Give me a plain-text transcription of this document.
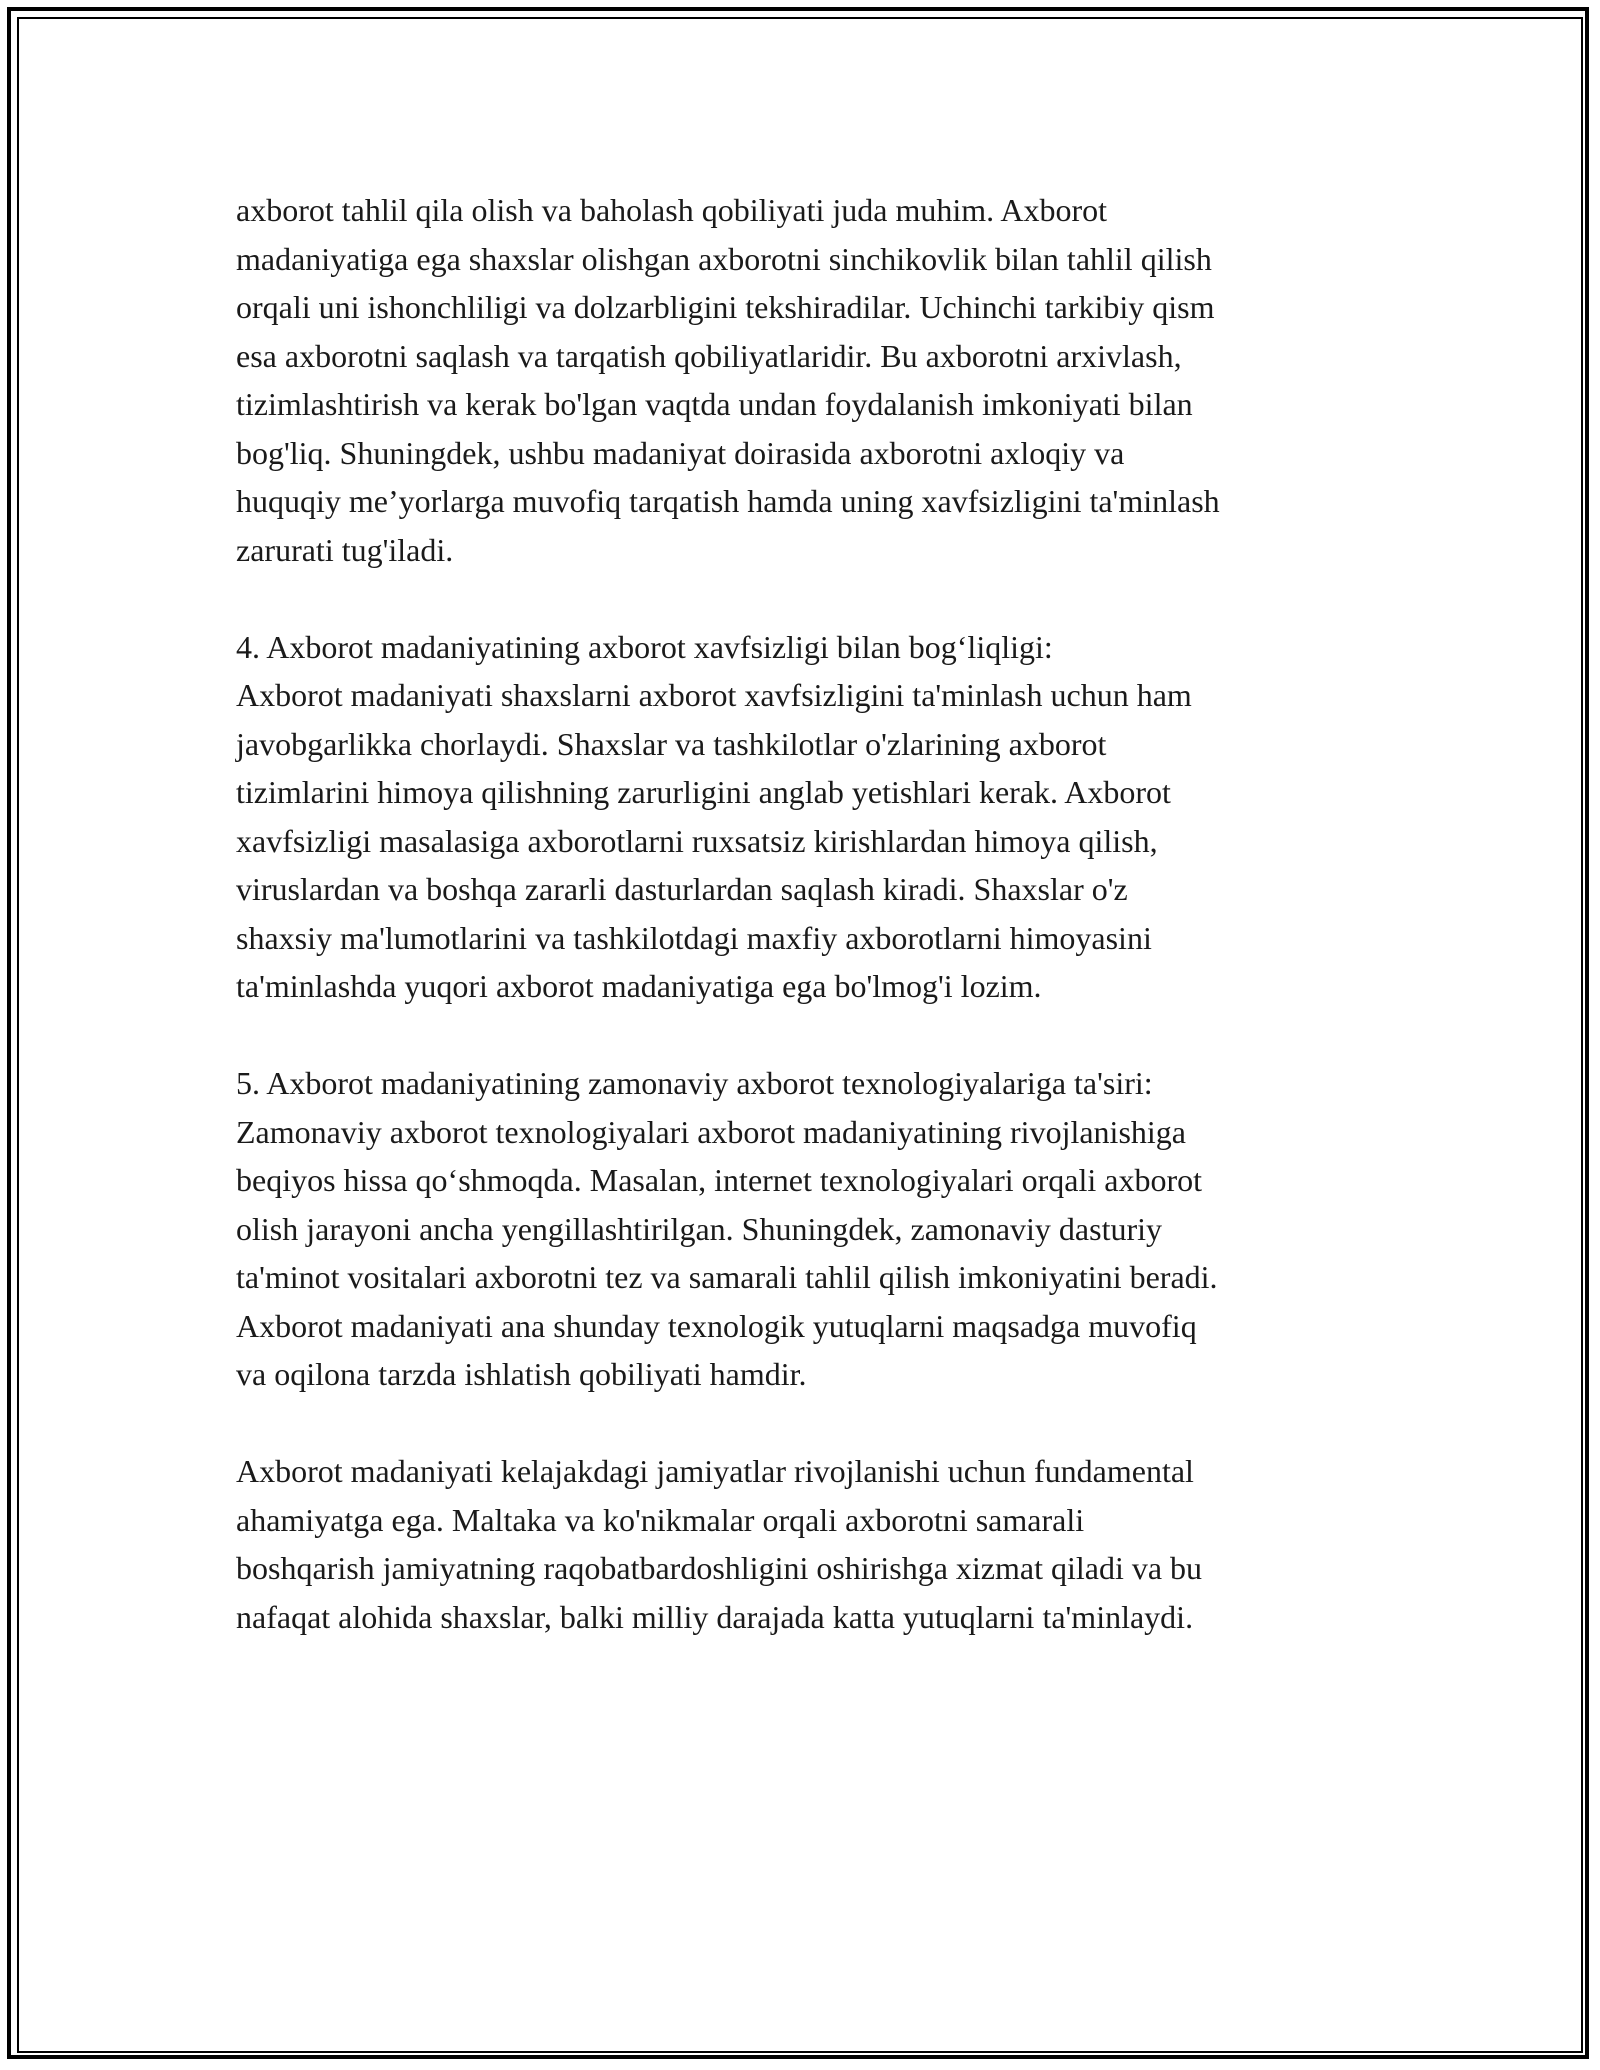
axborot tahlil qila olish va baholash qobiliyati juda muhim. Axborot
madaniyatiga ega shaxslar olishgan axborotni sinchikovlik bilan tahlil qilish
orqali uni ishonchliligi va dolzarbligini tekshiradilar. Uchinchi tarkibiy qism
esa axborotni saqlash va tarqatish qobiliyatlaridir. Bu axborotni arxivlash,
tizimlashtirish va kerak bo'lgan vaqtda undan foydalanish imkoniyati bilan
bog'liq. Shuningdek, ushbu madaniyat doirasida axborotni axloqiy va
huquqiy me’yorlarga muvofiq tarqatish hamda uning xavfsizligini ta'minlash
zarurati tug'iladi.

4. Axborot madaniyatining axborot xavfsizligi bilan bog‘liqligi:
Axborot madaniyati shaxslarni axborot xavfsizligini ta'minlash uchun ham
javobgarlikka chorlaydi. Shaxslar va tashkilotlar o'zlarining axborot
tizimlarini himoya qilishning zarurligini anglab yetishlari kerak. Axborot
xavfsizligi masalasiga axborotlarni ruxsatsiz kirishlardan himoya qilish,
viruslardan va boshqa zararli dasturlardan saqlash kiradi. Shaxslar o'z
shaxsiy ma'lumotlarini va tashkilotdagi maxfiy axborotlarni himoyasini
ta'minlashda yuqori axborot madaniyatiga ega bo'lmog'i lozim.

5. Axborot madaniyatining zamonaviy axborot texnologiyalariga ta'siri:
Zamonaviy axborot texnologiyalari axborot madaniyatining rivojlanishiga
beqiyos hissa qo‘shmoqda. Masalan, internet texnologiyalari orqali axborot
olish jarayoni ancha yengillashtirilgan. Shuningdek, zamonaviy dasturiy
ta'minot vositalari axborotni tez va samarali tahlil qilish imkoniyatini beradi.
Axborot madaniyati ana shunday texnologik yutuqlarni maqsadga muvofiq
va oqilona tarzda ishlatish qobiliyati hamdir.

Axborot madaniyati kelajakdagi jamiyatlar rivojlanishi uchun fundamental
ahamiyatga ega. Maltaka va ko'nikmalar orqali axborotni samarali
boshqarish jamiyatning raqobatbardoshligini oshirishga xizmat qiladi va bu
nafaqat alohida shaxslar, balki milliy darajada katta yutuqlarni ta'minlaydi.
